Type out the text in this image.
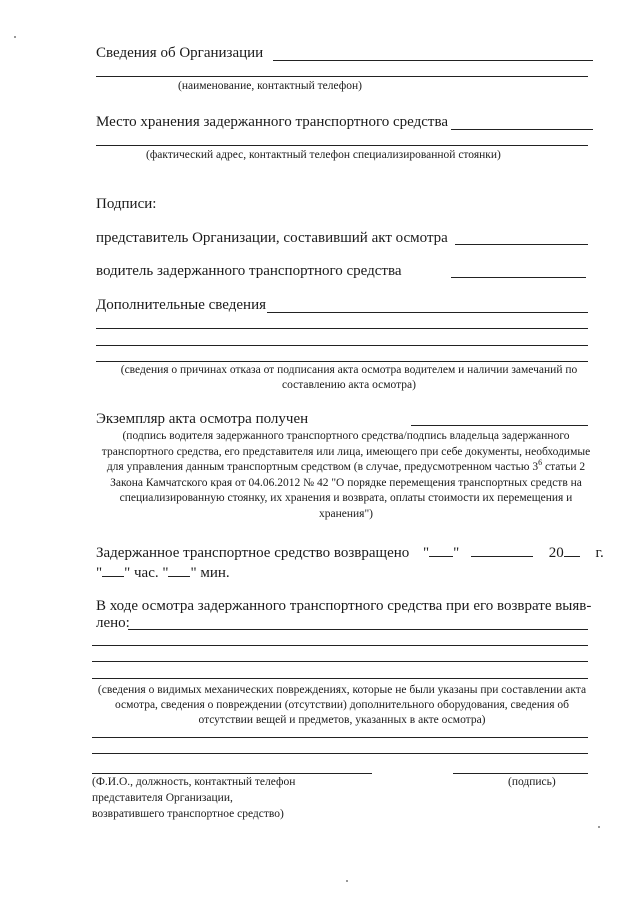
Сведения об Организации
(наименование, контактный телефон)
Место хранения задержанного транспортного средства
(фактический адрес, контактный телефон специализированной стоянки)
Подписи:
представитель Организации, составивший акт осмотра
водитель задержанного транспортного средства
Дополнительные сведения
(сведения о причинах отказа от подписания акта осмотра водителем и наличии замечаний по составлению акта осмотра)
Экземпляр акта осмотра получен
(подпись водителя задержанного транспортного средства/подпись владельца задержанного транспортного средства, его представителя или лица, имеющего при себе документы, необходимые для управления данным транспортным средством (в случае, предусмотренном частью $3^6$ статьи 2 Закона Камчатского края от 04.06.2012 № 42 "О порядке перемещения транспортных средств на специализированную стоянку, их хранения и возврата, оплаты стоимости их перемещения и хранения")
Задержанное транспортное средство возвращено " "	20 г.
" " час. " " мин.
В ходе осмотра задержанного транспортного средства при его возврате выяв-
лено:
(сведения о видимых механических повреждениях, которые не были указаны при составлении акта осмотра, сведения о повреждении (отсутствии) дополнительного оборудования, сведения об отсутствии вещей и предметов, указанных в акте осмотра)
(Ф.И.О., должность, контактный телефон
представителя Организации,
возвратившего транспортное средство)
(подпись)
